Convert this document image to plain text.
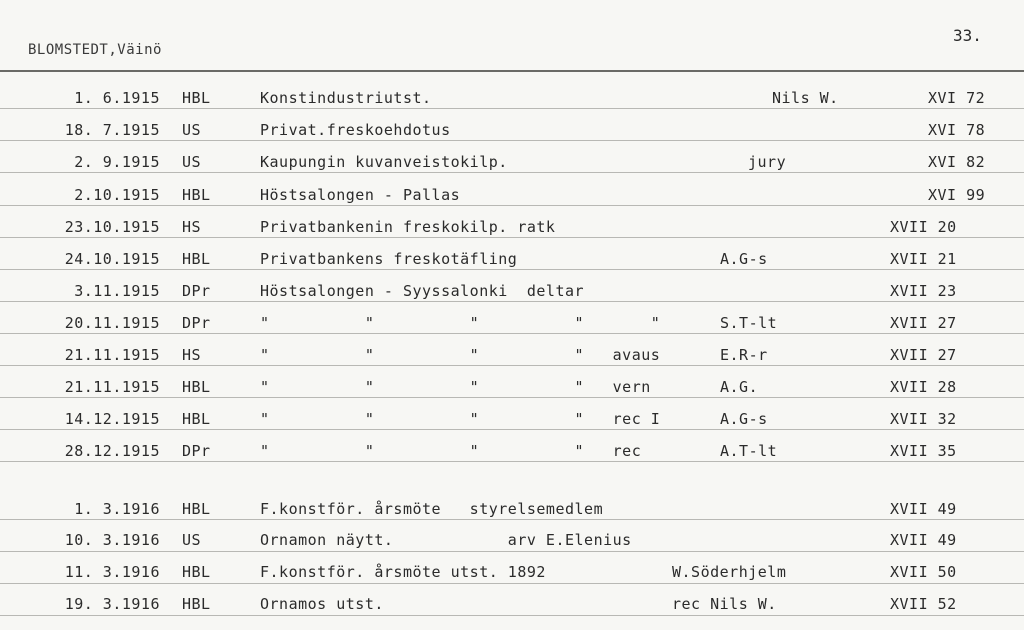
33.
BLOMSTEDT,Väinö
1. 6.1915 HBL	Konstindustriutst.	Nils W.	XVI 72
18. 7.1915 US	Privat.freskoehdotus	XVI 78
2. 9.1915 US	Kaupungin kuvanveistokilp.	jury	XVI 82
2.10.1915 HBL	Höstsalongen - Pallas	XVI 99
23.10.1915 HS	Privatbankenin freskokilp. ratk	XVII 20
24.10.1915 HBL	Privatbankens freskotäfling	A.G-s	XVII 21
3.11.1915 DPr	Höstsalongen - Syyssalonki  deltar	XVII 23
20.11.1915 DPr	"          "          "          "       "	S.T-lt	XVII 27
21.11.1915 HS	"          "          "          "   avaus	E.R-r	XVII 27
21.11.1915 HBL	"          "          "          "   vern	A.G.	XVII 28
14.12.1915 HBL	"          "          "          "   rec I	A.G-s	XVII 32
28.12.1915 DPr	"          "          "          "   rec	A.T-lt	XVII 35
1. 3.1916 HBL	F.konstför. årsmöte   styrelsemedlem	XVII 49
10. 3.1916 US	Ornamon näytt.            arv E.Elenius	XVII 49
11. 3.1916 HBL	F.konstför. årsmöte utst. 1892	W.Söderhjelm	XVII 50
19. 3.1916 HBL	Ornamos utst.	rec Nils W.	XVII 52
